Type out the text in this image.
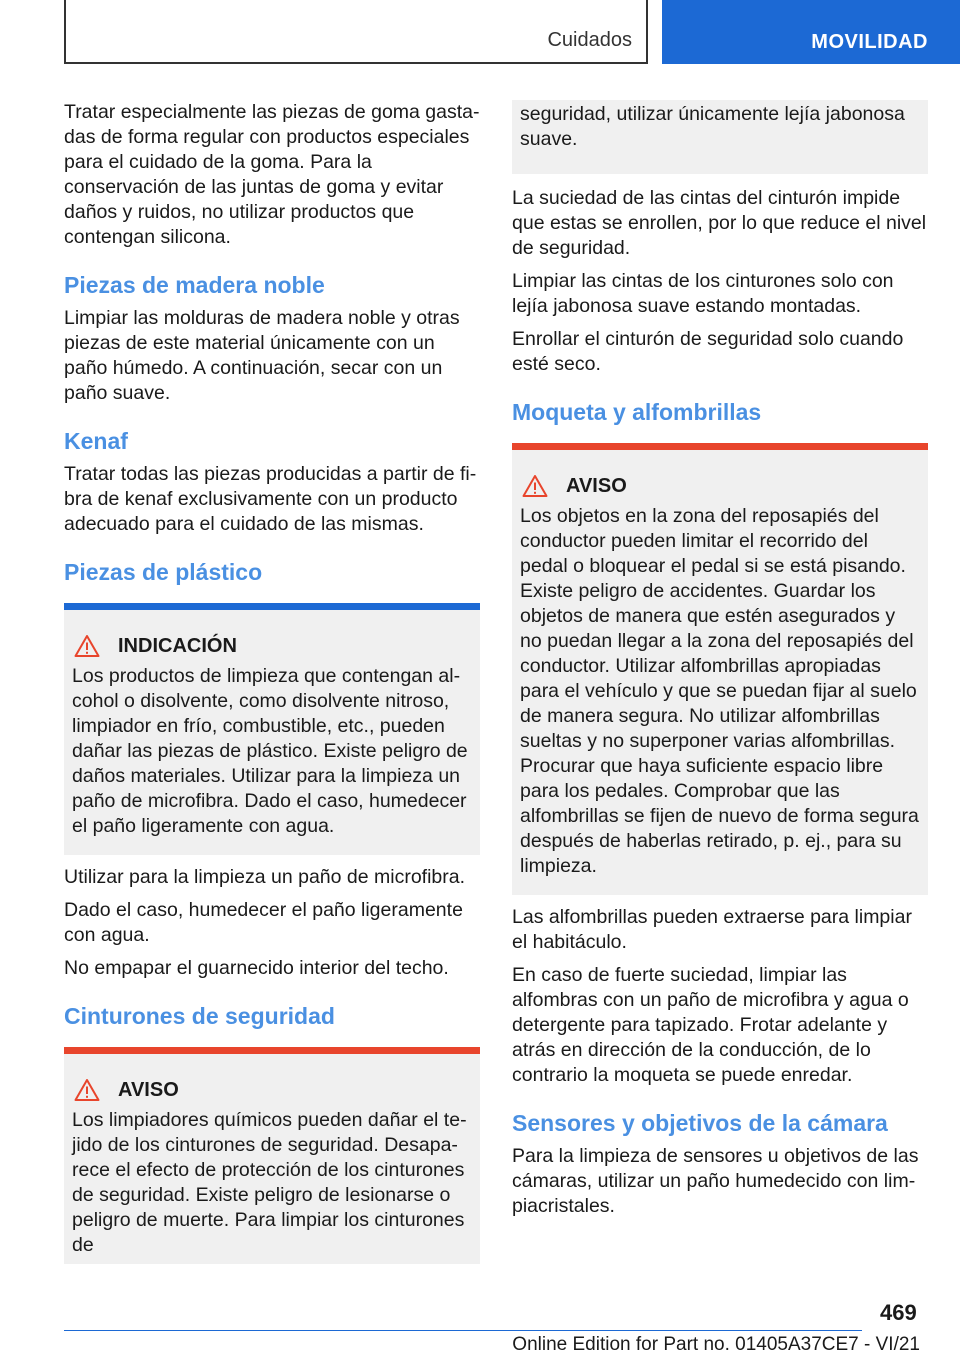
Cuidados	MOVILIDAD

Tratar especialmente las piezas de goma gastadas de forma regular con productos especiales para el cuidado de la goma. Para la conservación de las juntas de goma y evitar daños y ruidos, no utilizar productos que contengan silicona.

Piezas de madera noble

Limpiar las molduras de madera noble y otras piezas de este material únicamente con un paño húmedo. A continuación, secar con un paño suave.

Kenaf

Tratar todas las piezas producidas a partir de fibra de kenaf exclusivamente con un producto adecuado para el cuidado de las mismas.

Piezas de plástico
INDICACIÓN

Los productos de limpieza que contengan alcohol o disolvente, como disolvente nitroso, limpiador en frío, combustible, etc., pueden dañar las piezas de plástico. Existe peligro de daños materiales. Utilizar para la limpieza un paño de microfibra. Dado el caso, humedecer el paño ligeramente con agua.

Utilizar para la limpieza un paño de microfibra.

Dado el caso, humedecer el paño ligeramente con agua.

No empapar el guarnecido interior del techo.

Cinturones de seguridad
AVISO

Los limpiadores químicos pueden dañar el tejido de los cinturones de seguridad. Desaparece el efecto de protección de los cinturones de seguridad. Existe peligro de lesionarse o peligro de muerte. Para limpiar los cinturones de

seguridad, utilizar únicamente lejía jabonosa suave.

La suciedad de las cintas del cinturón impide que estas se enrollen, por lo que reduce el nivel de seguridad.

Limpiar las cintas de los cinturones solo con lejía jabonosa suave estando montadas.

Enrollar el cinturón de seguridad solo cuando esté seco.

Moqueta y alfombrillas
AVISO

Los objetos en la zona del reposapiés del conductor pueden limitar el recorrido del pedal o bloquear el pedal si se está pisando. Existe peligro de accidentes. Guardar los objetos de manera que estén asegurados y no puedan llegar a la zona del reposapiés del conductor. Utilizar alfombrillas apropiadas para el vehículo y que se puedan fijar al suelo de manera segura. No utilizar alfombrillas sueltas y no superponer varias alfombrillas. Procurar que haya suficiente espacio libre para los pedales. Comprobar que las alfombrillas se fijen de nuevo de forma segura después de haberlas retirado, p. ej., para su limpieza.

Las alfombrillas pueden extraerse para limpiar el habitáculo.

En caso de fuerte suciedad, limpiar las alfombras con un paño de microfibra y agua o detergente para tapizado. Frotar adelante y atrás en dirección de la conducción, de lo contrario la moqueta se puede enredar.

Sensores y objetivos de la cámara

Para la limpieza de sensores u objetivos de las cámaras, utilizar un paño humedecido con limpiacristales.

469
Online Edition for Part no. 01405A37CE7 - VI/21
